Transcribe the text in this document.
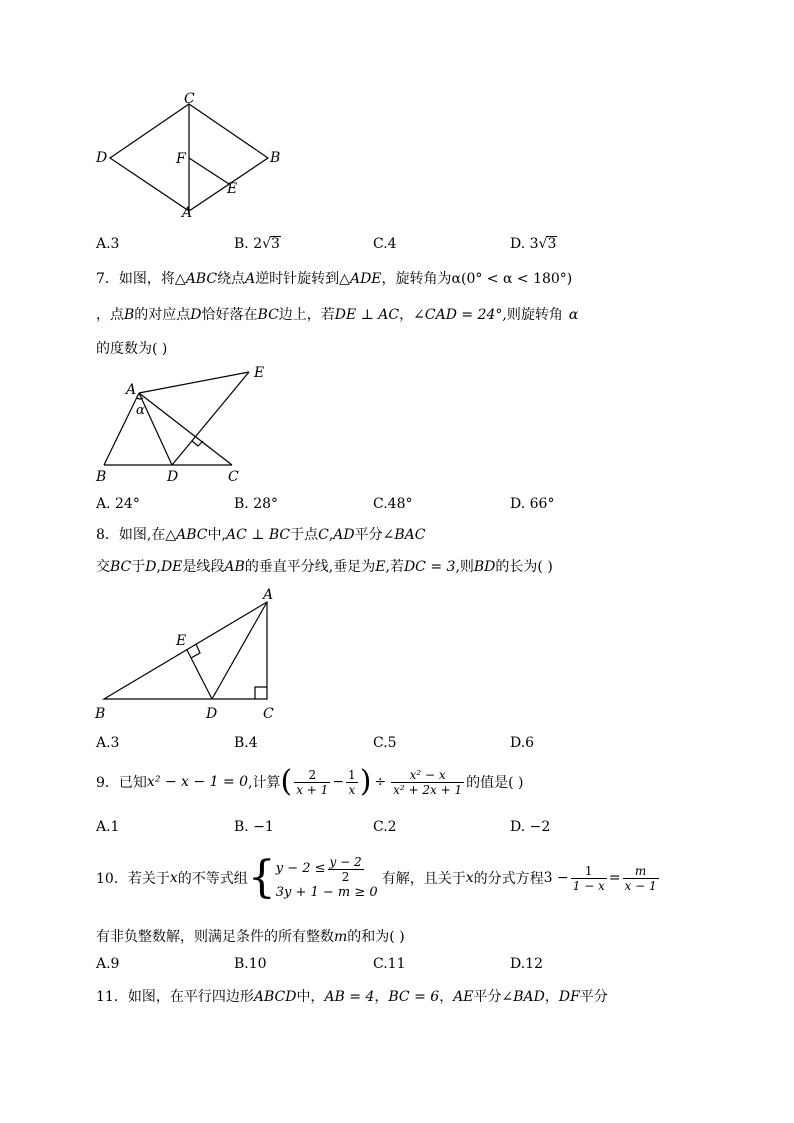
C
D	F	B
E
A
A.3	B. 2√3	C.4	D. 3√3
7．如图，将△ABC绕点A逆时针旋转到△ADE，旋转角为α(0° < α < 180°)
，点B的对应点D恰好落在BC边上，若DE ⊥ AC，∠CAD = 24°,则旋转角 α
的度数为( )
A
E
α
B	D	C
A. 24°	B. 28°	C.48°	D. 66°
8．如图,在△ABC中,AC ⊥ BC于点C,AD平分∠BAC
交BC于D,DE是线段AB的垂直平分线,垂足为E,若DC = 3,则BD的长为( )
A
E
B	D	C
A.3	B.4	C.5	D.6
9．已知 x² − x − 1 = 0 ,计算 ( $\frac{2}{x + 1} - \frac{1}{x}$ ) ÷ $\frac{\text{x² − x}}{\text{x² + 2x + 1}}$ 的值是( )
A.1	B. −1	C.2	D. −2
10．若关于 x 的不等式组 { $y - 2 \le \frac{y - 2}{2}$
3y + 1 − m ≥ 0
有解，且关于 x 的分式方程 $3 - \frac{1}{1 - x} = \frac{m}{x - 1}$
有非负整数解，则满足条件的所有整数m的和为( )
A.9	B.10	C.11	D.12
11．如图，在平行四边形ABCD中，AB = 4，BC = 6，AE平分∠BAD，DF平分
